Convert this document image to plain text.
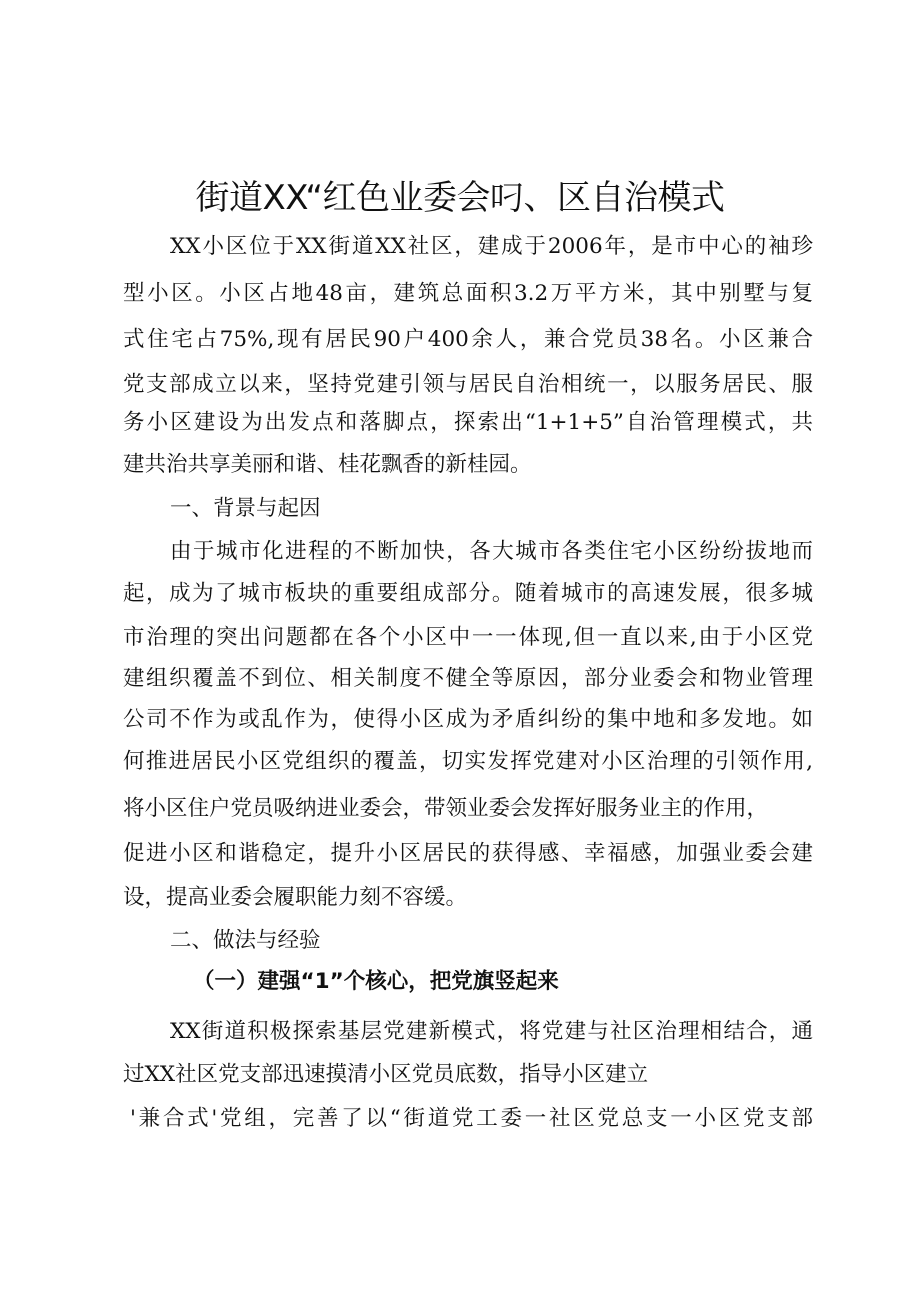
街道XX“红色业委会叼、区自治模式
XX小区位于XX街道XX社区，建成于2006年，是市中心的袖珍
型小区。小区占地48亩，建筑总面积3.2万平方米，其中别墅与复
式住宅占75%,现有居民90户400余人，兼合党员38名。小区兼合
党支部成立以来，坚持党建引领与居民自治相统一，以服务居民、服
务小区建设为出发点和落脚点，探索出“1+1+5”自治管理模式，共
建共治共享美丽和谐、桂花飘香的新桂园。
一、背景与起因
由于城市化进程的不断加快，各大城市各类住宅小区纷纷拔地而
起，成为了城市板块的重要组成部分。随着城市的高速发展，很多城
市治理的突出问题都在各个小区中一一体现,但一直以来,由于小区党
建组织覆盖不到位、相关制度不健全等原因，部分业委会和物业管理
公司不作为或乱作为，使得小区成为矛盾纠纷的集中地和多发地。如
何推进居民小区党组织的覆盖，切实发挥党建对小区治理的引领作用,
将小区住户党员吸纳进业委会，带领业委会发挥好服务业主的作用，
促进小区和谐稳定，提升小区居民的获得感、幸福感，加强业委会建
设，提高业委会履职能力刻不容缓。
二、做法与经验
（一）建强“1”个核心，把党旗竖起来
XX街道积极探索基层党建新模式，将党建与社区治理相结合，通
过XX社区党支部迅速摸清小区党员底数，指导小区建立
'兼合式'党组，完善了以“街道党工委一社区党总支一小区党支部
